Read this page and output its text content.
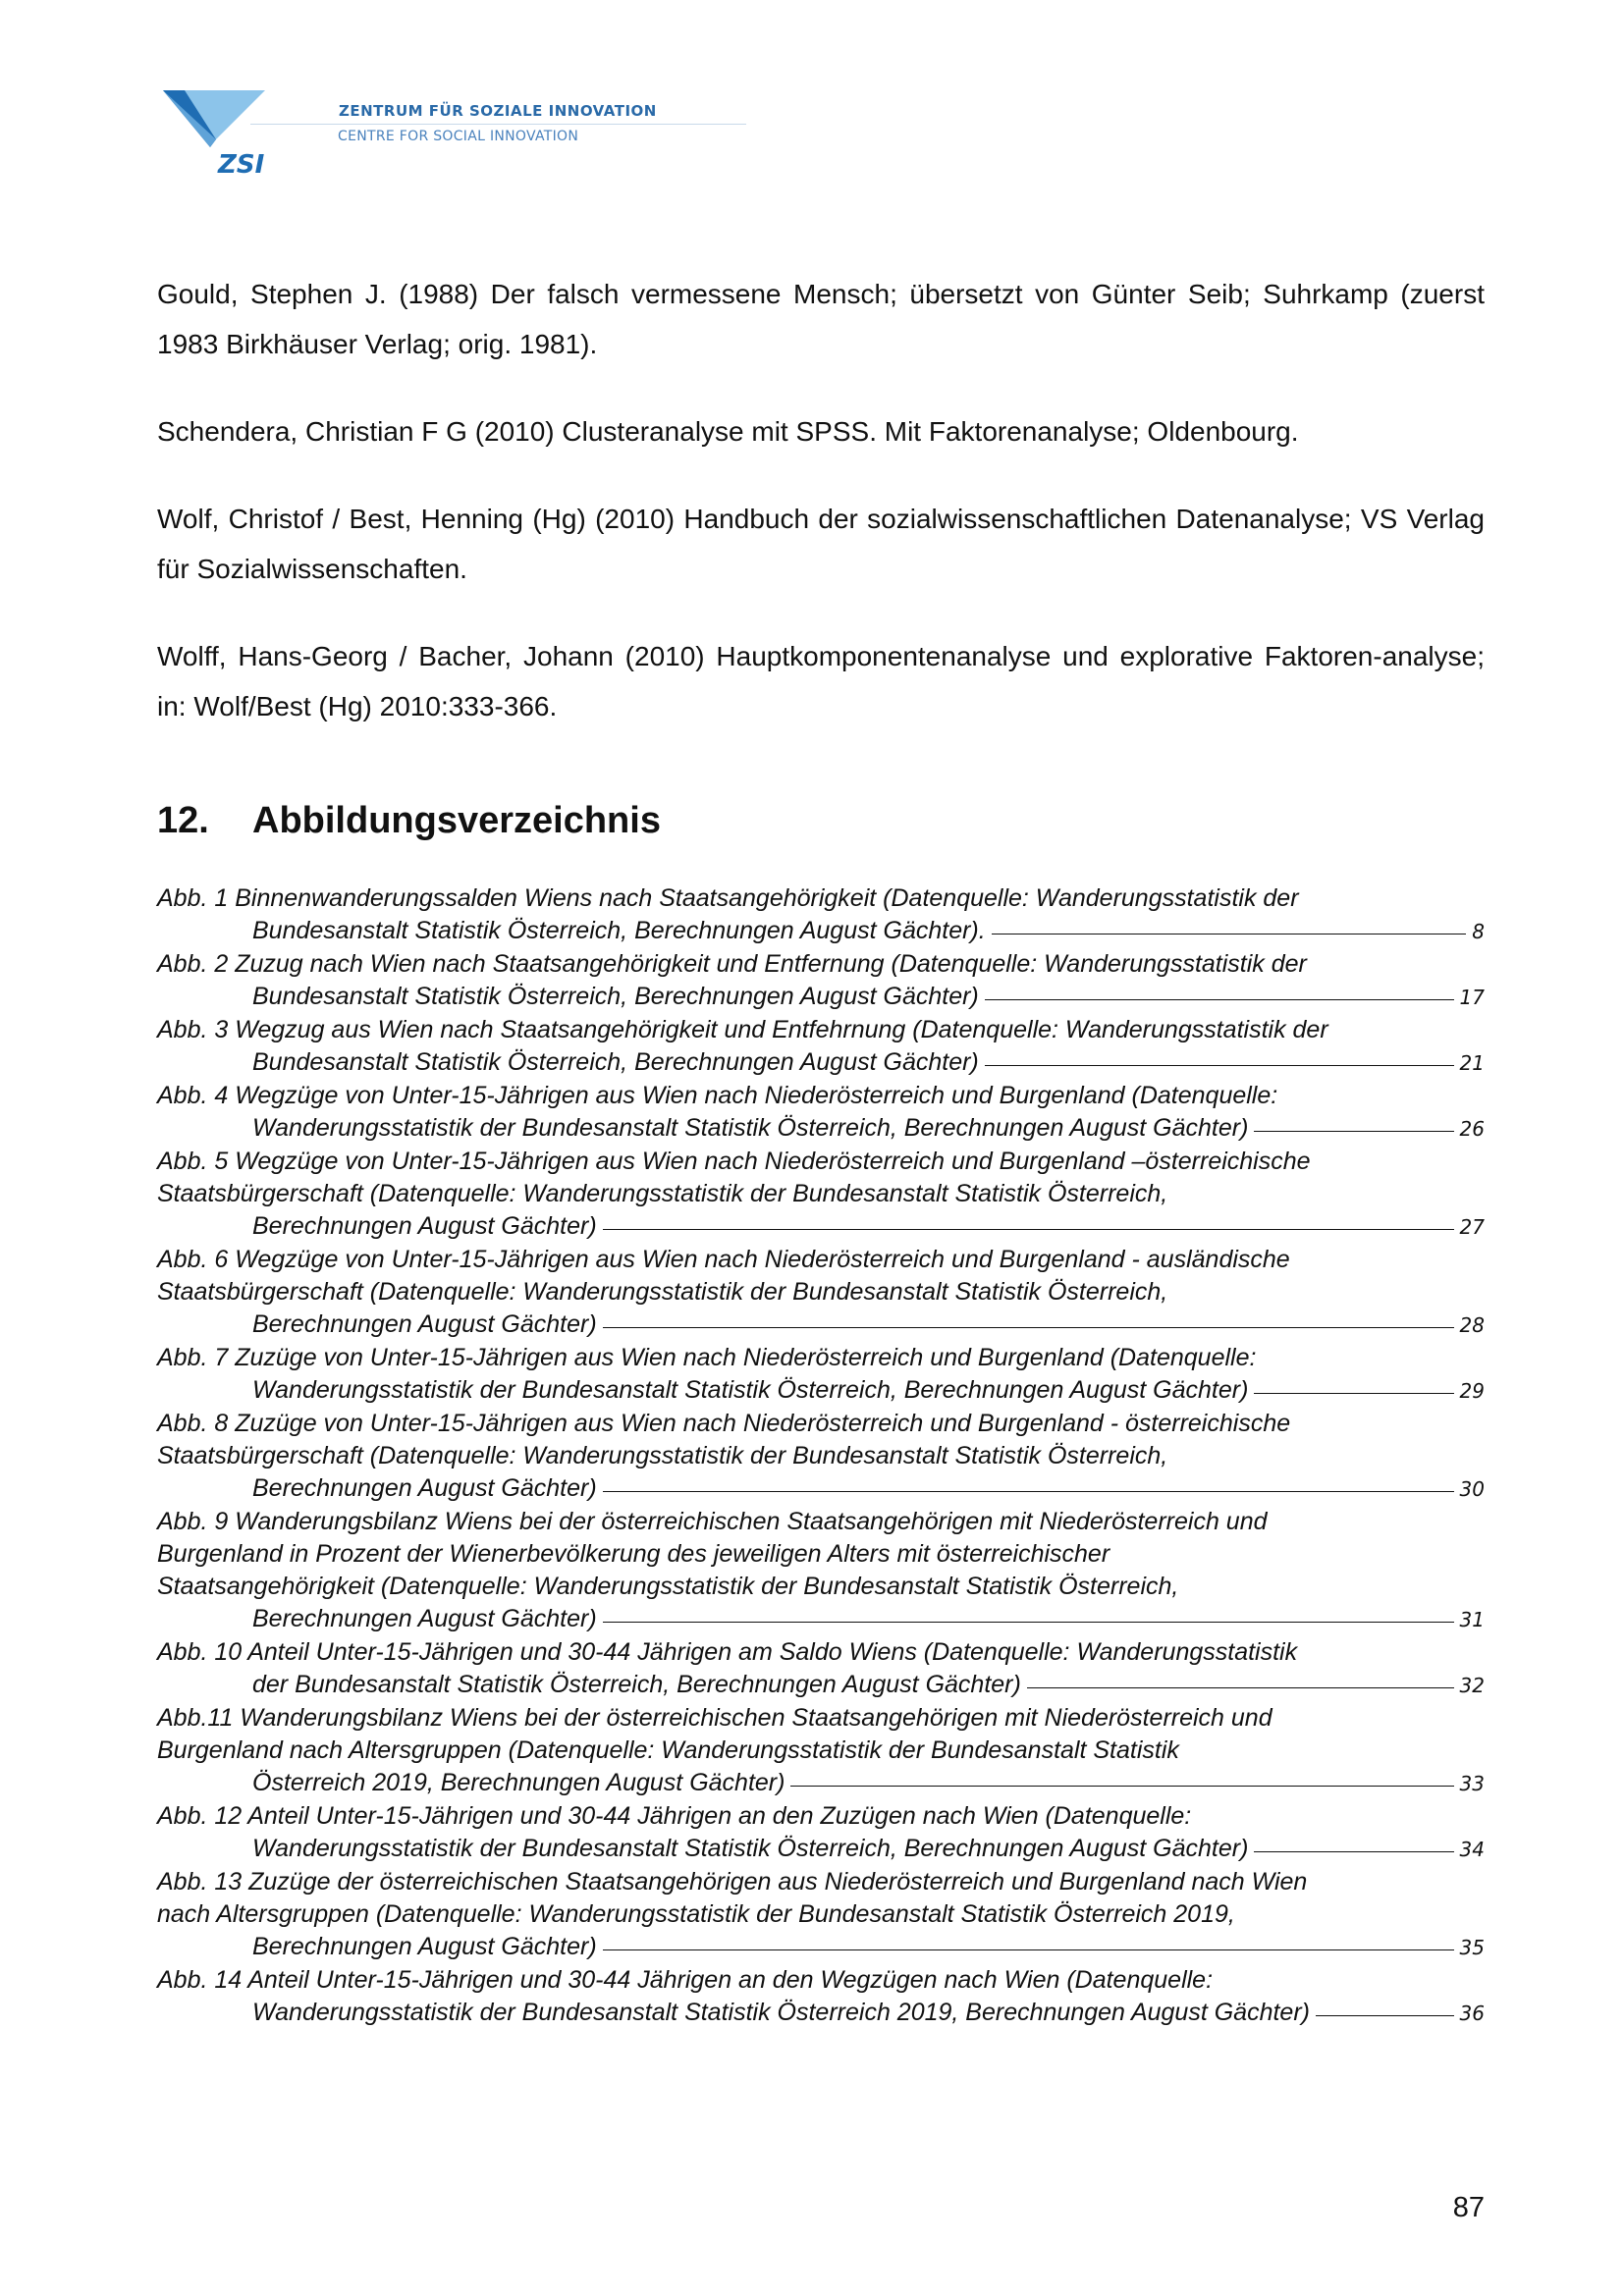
ZSI
ZENTRUM FÜR SOZIALE INNOVATION
CENTRE FOR SOCIAL INNOVATION

Gould, Stephen J. (1988) Der falsch vermessene Mensch; übersetzt von Günter Seib; Suhrkamp (zuerst 1983 Birkhäuser Verlag; orig. 1981).

Schendera, Christian F G (2010) Clusteranalyse mit SPSS. Mit Faktorenanalyse; Oldenbourg.

Wolf, Christof / Best, Henning (Hg) (2010) Handbuch der sozialwissenschaftlichen Datenanalyse; VS Verlag für Sozialwissenschaften.

Wolff, Hans-Georg / Bacher, Johann (2010) Hauptkomponentenanalyse und explorative Faktoren-analyse; in: Wolf/Best (Hg) 2010:333-366.

12. Abbildungsverzeichnis
Abb. 1 Binnenwanderungssalden Wiens nach Staatsangehörigkeit (Datenquelle: Wanderungsstatistik der
Bundesanstalt Statistik Österreich, Berechnungen August Gächter).	8
Abb. 2 Zuzug nach Wien nach Staatsangehörigkeit und Entfernung (Datenquelle: Wanderungsstatistik der
Bundesanstalt Statistik Österreich, Berechnungen August Gächter)	17
Abb. 3 Wegzug aus Wien nach Staatsangehörigkeit und Entfehrnung (Datenquelle: Wanderungsstatistik der
Bundesanstalt Statistik Österreich, Berechnungen August Gächter)	21
Abb. 4 Wegzüge von Unter-15-Jährigen aus Wien nach Niederösterreich und Burgenland (Datenquelle:
Wanderungsstatistik der Bundesanstalt Statistik Österreich, Berechnungen August Gächter)	26
Abb. 5 Wegzüge von Unter-15-Jährigen aus Wien nach Niederösterreich und Burgenland –österreichische
Staatsbürgerschaft (Datenquelle: Wanderungsstatistik der Bundesanstalt Statistik Österreich,
Berechnungen August Gächter)	27
Abb. 6 Wegzüge von Unter-15-Jährigen aus Wien nach Niederösterreich und Burgenland - ausländische
Staatsbürgerschaft (Datenquelle: Wanderungsstatistik der Bundesanstalt Statistik Österreich,
Berechnungen August Gächter)	28
Abb. 7 Zuzüge von Unter-15-Jährigen aus Wien nach Niederösterreich und Burgenland (Datenquelle:
Wanderungsstatistik der Bundesanstalt Statistik Österreich, Berechnungen August Gächter)	29
Abb. 8 Zuzüge von Unter-15-Jährigen aus Wien nach Niederösterreich und Burgenland - österreichische
Staatsbürgerschaft (Datenquelle: Wanderungsstatistik der Bundesanstalt Statistik Österreich,
Berechnungen August Gächter)	30
Abb. 9 Wanderungsbilanz Wiens bei der österreichischen Staatsangehörigen mit Niederösterreich und
Burgenland in Prozent der Wienerbevölkerung des jeweiligen Alters mit österreichischer
Staatsangehörigkeit (Datenquelle: Wanderungsstatistik der Bundesanstalt Statistik Österreich,
Berechnungen August Gächter)	31
Abb. 10 Anteil Unter-15-Jährigen und 30-44 Jährigen am Saldo Wiens (Datenquelle: Wanderungsstatistik
der Bundesanstalt Statistik Österreich, Berechnungen August Gächter)	32
Abb.11 Wanderungsbilanz Wiens bei der österreichischen Staatsangehörigen mit Niederösterreich und
Burgenland nach Altersgruppen (Datenquelle: Wanderungsstatistik der Bundesanstalt Statistik
Österreich 2019, Berechnungen August Gächter)	33
Abb. 12 Anteil Unter-15-Jährigen und 30-44 Jährigen an den Zuzügen nach Wien (Datenquelle:
Wanderungsstatistik der Bundesanstalt Statistik Österreich, Berechnungen August Gächter)	34
Abb. 13 Zuzüge der österreichischen Staatsangehörigen aus Niederösterreich und Burgenland nach Wien
nach Altersgruppen (Datenquelle: Wanderungsstatistik der Bundesanstalt Statistik Österreich 2019,
Berechnungen August Gächter)	35
Abb. 14 Anteil Unter-15-Jährigen und 30-44 Jährigen an den Wegzügen nach Wien (Datenquelle:
Wanderungsstatistik der Bundesanstalt Statistik Österreich 2019, Berechnungen August Gächter)	36
87
